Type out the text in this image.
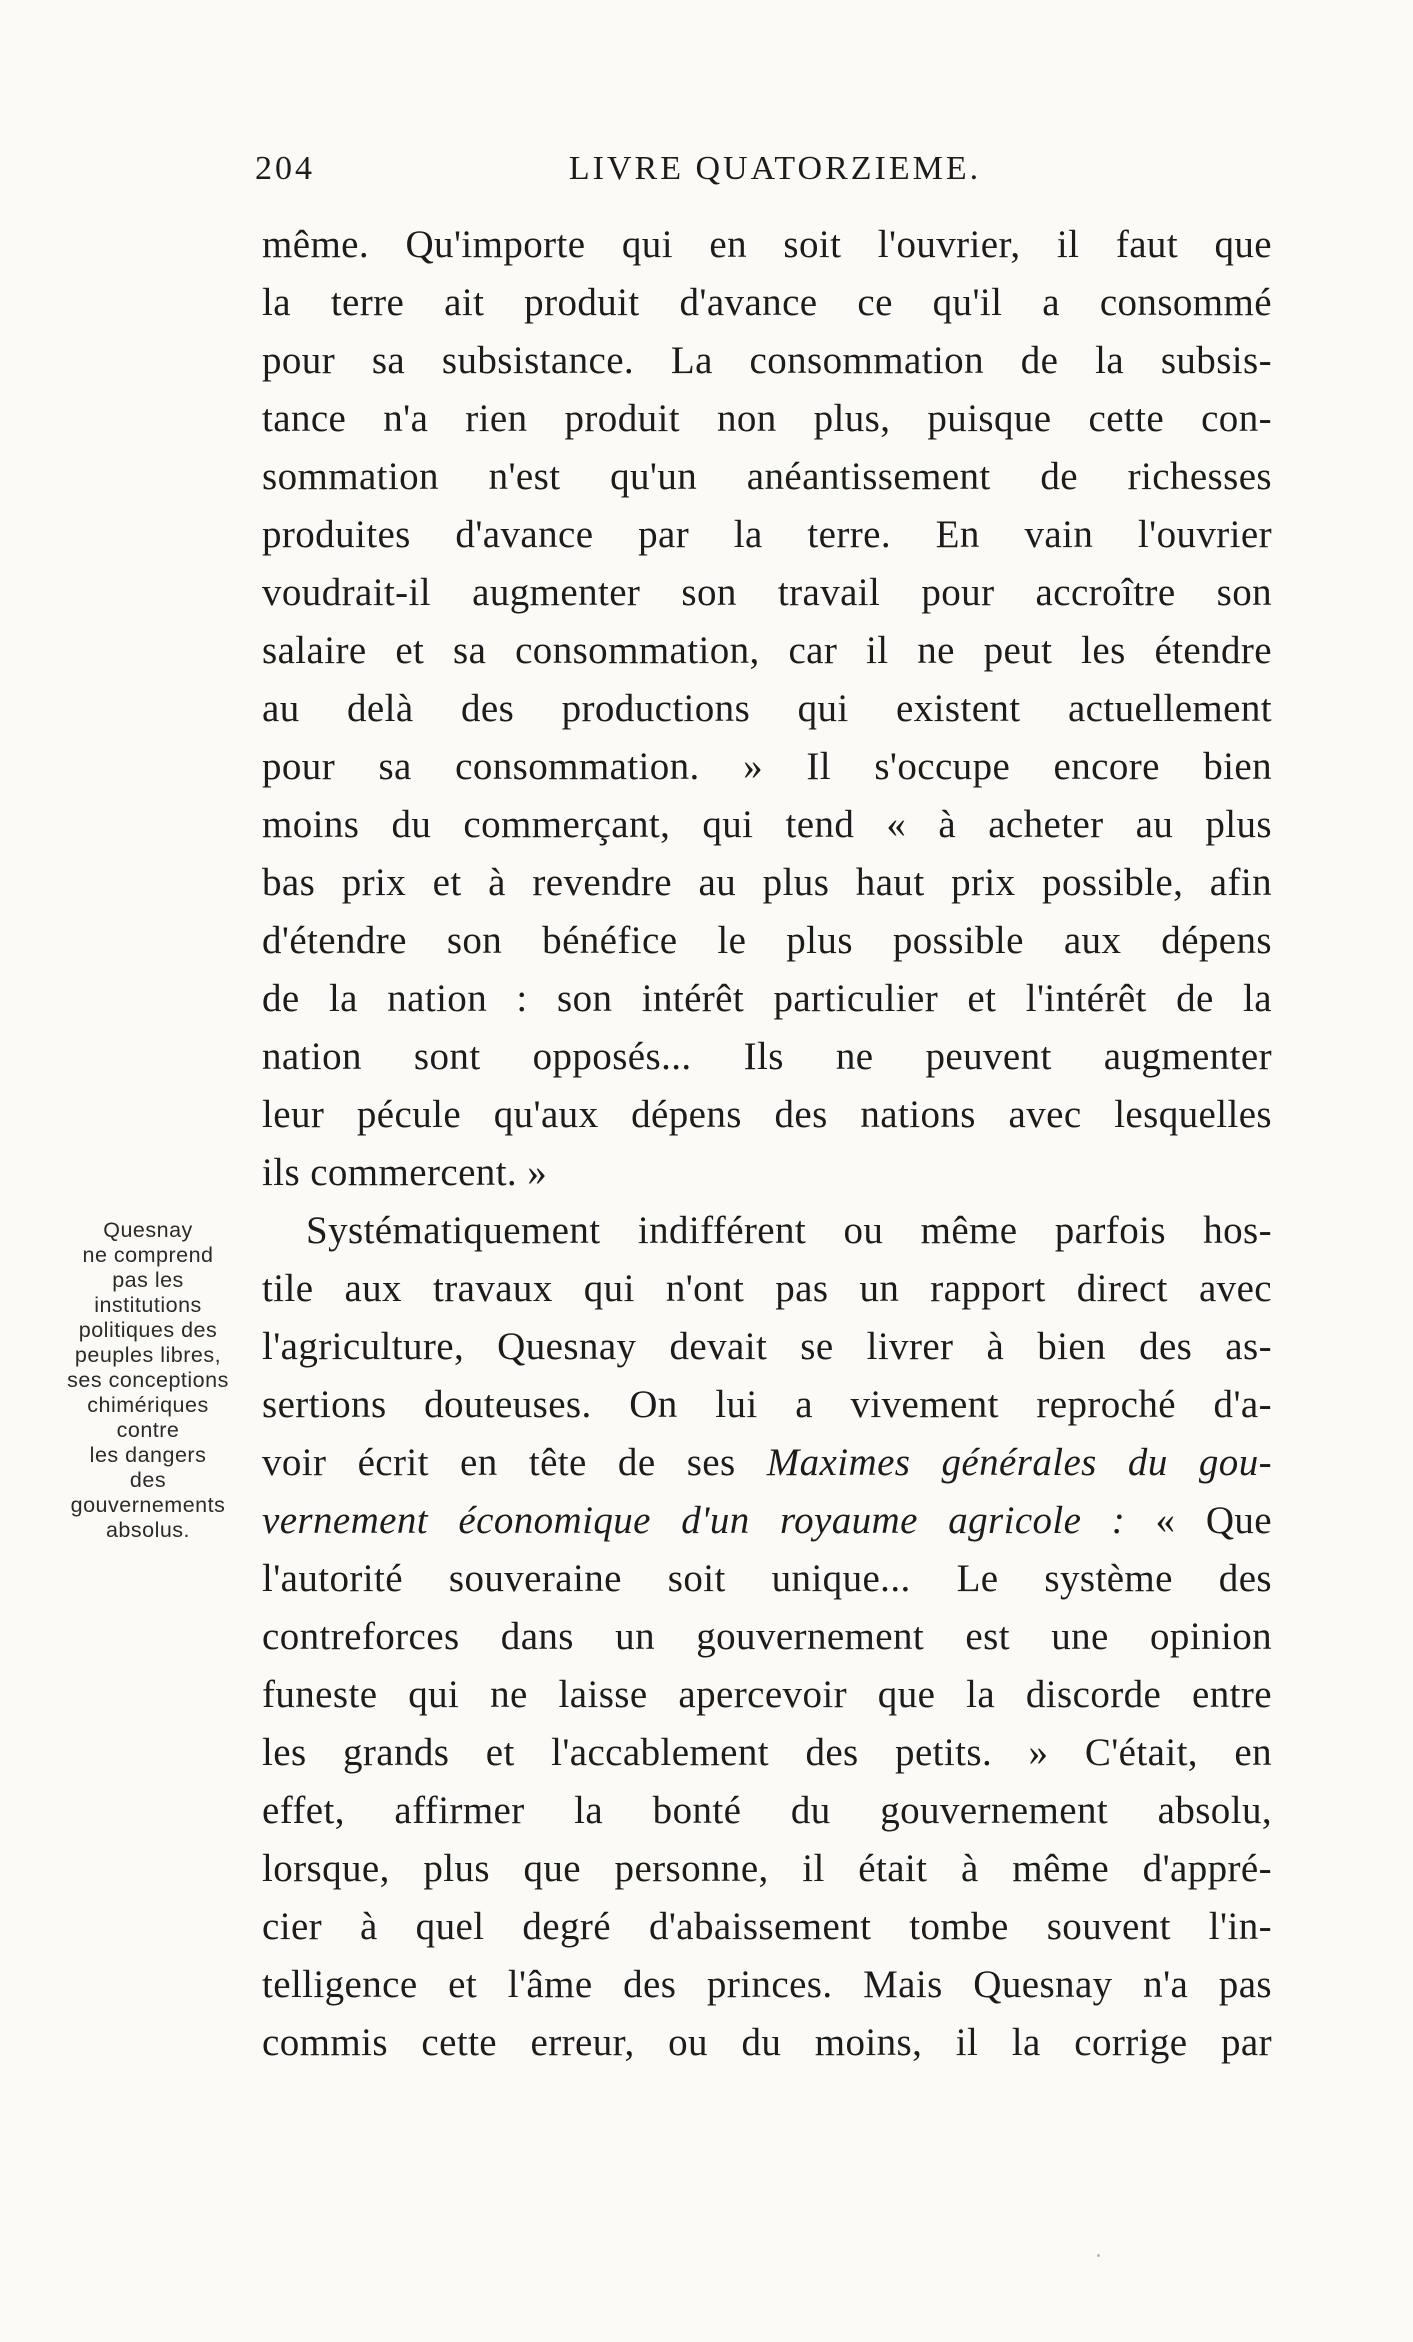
204	LIVRE QUATORZIEME.
Quesnay
ne comprend
pas les
institutions
politiques des
peuples libres,
ses conceptions
chimériques
contre
les dangers
des
gouvernements
absolus.
même. Qu'importe qui en soit l'ouvrier, il faut que
la terre ait produit d'avance ce qu'il a consommé
pour sa subsistance. La consommation de la subsis-
tance n'a rien produit non plus, puisque cette con-
sommation n'est qu'un anéantissement de richesses
produites d'avance par la terre. En vain l'ouvrier
voudrait-il augmenter son travail pour accroître son
salaire et sa consommation, car il ne peut les étendre
au delà des productions qui existent actuellement
pour sa consommation. » Il s'occupe encore bien
moins du commerçant, qui tend « à acheter au plus
bas prix et à revendre au plus haut prix possible, afin
d'étendre son bénéfice le plus possible aux dépens
de la nation : son intérêt particulier et l'intérêt de la
nation sont opposés... Ils ne peuvent augmenter
leur pécule qu'aux dépens des nations avec lesquelles
ils commercent. »
Systématiquement indifférent ou même parfois hos-
tile aux travaux qui n'ont pas un rapport direct avec
l'agriculture, Quesnay devait se livrer à bien des as-
sertions douteuses. On lui a vivement reproché d'a-
voir écrit en tête de ses Maximes générales du gou-
vernement économique d'un royaume agricole : « Que
l'autorité souveraine soit unique... Le système des
contreforces dans un gouvernement est une opinion
funeste qui ne laisse apercevoir que la discorde entre
les grands et l'accablement des petits. » C'était, en
effet, affirmer la bonté du gouvernement absolu,
lorsque, plus que personne, il était à même d'appré-
cier à quel degré d'abaissement tombe souvent l'in-
telligence et l'âme des princes. Mais Quesnay n'a pas
commis cette erreur, ou du moins, il la corrige par
